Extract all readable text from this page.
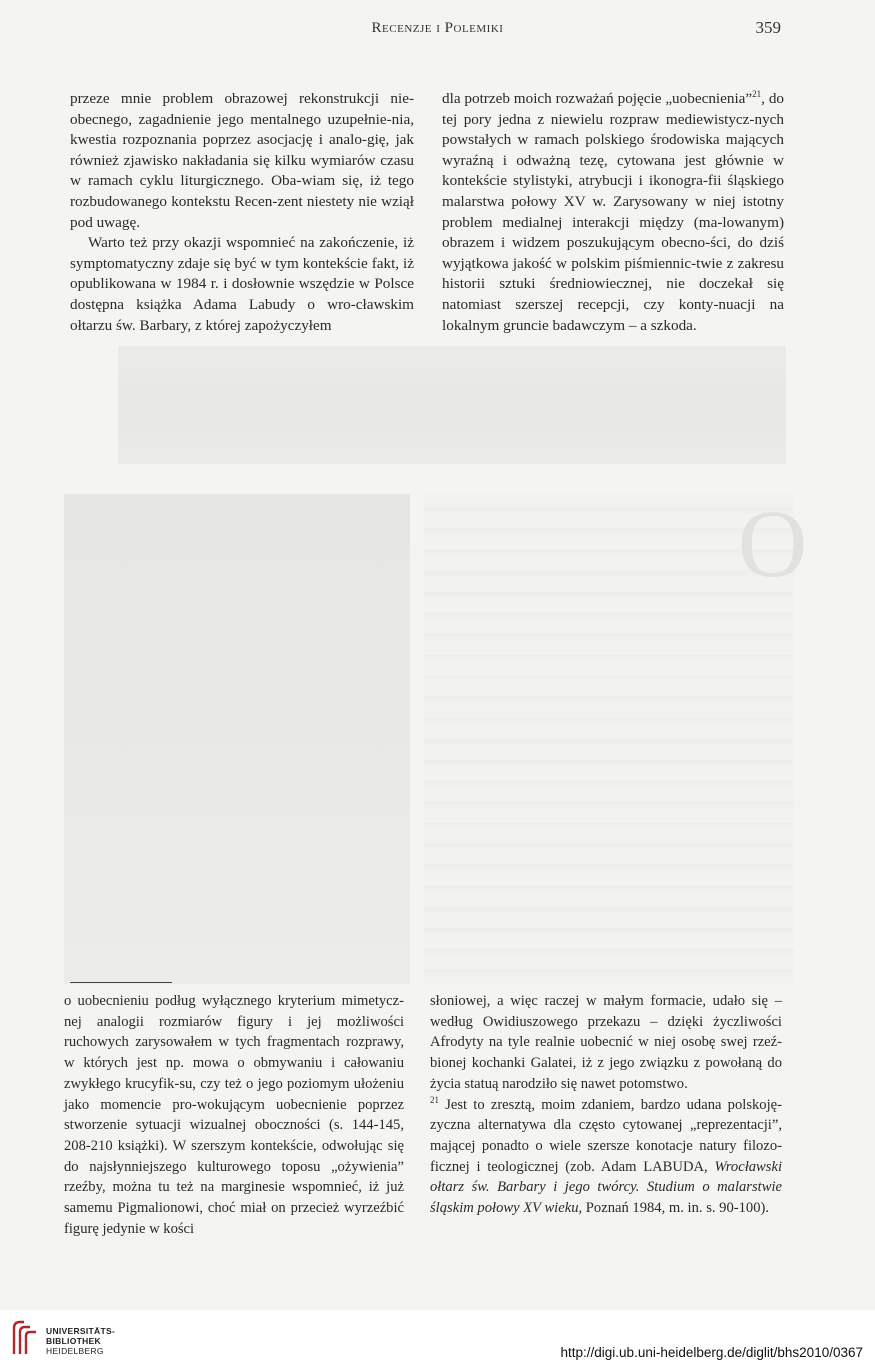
Recenzje i Polemiki	359
O

przeze mnie problem obrazowej rekonstrukcji nie-obecnego, zagadnienie jego mentalnego uzupełnie-nia, kwestia rozpoznania poprzez asocjację i analo-gię, jak również zjawisko nakładania się kilku wymiarów czasu w ramach cyklu liturgicznego. Oba-wiam się, iż tego rozbudowanego kontekstu Recen-zent niestety nie wziął pod uwagę.

Warto też przy okazji wspomnieć na zakończenie, iż symptomatyczny zdaje się być w tym kontekście fakt, iż opublikowana w 1984 r. i dosłownie wszędzie w Polsce dostępna książka Adama Labudy o wro-cławskim ołtarzu św. Barbary, z której zapożyczyłem

dla potrzeb moich rozważań pojęcie „uobecnienia”$^{21}$, do tej pory jedna z niewielu rozpraw mediewistycz-nych powstałych w ramach polskiego środowiska mających wyraźną i odważną tezę, cytowana jest głównie w kontekście stylistyki, atrybucji i ikonogra-fii śląskiego malarstwa połowy XV w. Zarysowany w niej istotny problem medialnej interakcji między (ma-lowanym) obrazem i widzem poszukującym obecno-ści, do dziś wyjątkowa jakość w polskim piśmiennic-twie z zakresu historii sztuki średniowiecznej, nie doczekał się natomiast szerszej recepcji, czy konty-nuacji na lokalnym gruncie badawczym – a szkoda.

o uobecnieniu podług wyłącznego kryterium mimetycz-nej analogii rozmiarów figury i jej możliwości ruchowych zarysowałem w tych fragmentach rozprawy, w których jest np. mowa o obmywaniu i całowaniu zwykłego krucyfik-su, czy też o jego poziomym ułożeniu jako momencie pro-wokującym uobecnienie poprzez stworzenie sytuacji wizualnej oboczności (s. 144-145, 208-210 książki). W szerszym kontekście, odwołując się do najsłynniejszego kulturowego toposu „ożywienia” rzeźby, można tu też na marginesie wspomnieć, iż już samemu Pigmalionowi, choć miał on przecież wyrzeźbić figurę jedynie w kości

słoniowej, a więc raczej w małym formacie, udało się – według Owidiuszowego przekazu – dzięki życzliwości Afrodyty na tyle realnie uobecnić w niej osobę swej rzeź-bionej kochanki Galatei, iż z jego związku z powołaną do życia statuą narodziło się nawet potomstwo.

$^{21}$ Jest to zresztą, moim zdaniem, bardzo udana polskoję-zyczna alternatywa dla często cytowanej „reprezentacji”, mającej ponadto o wiele szersze konotacje natury filozo-ficznej i teologicznej (zob. Adam LABUDA, Wrocławski ołtarz św. Barbary i jego twórcy. Studium o malarstwie śląskim połowy XV wieku, Poznań 1984, m. in. s. 90-100).

UNIVERSITÄTS-
BIBLIOTHEK
HEIDELBERG	http://digi.ub.uni-heidelberg.de/diglit/bhs2010/0367
